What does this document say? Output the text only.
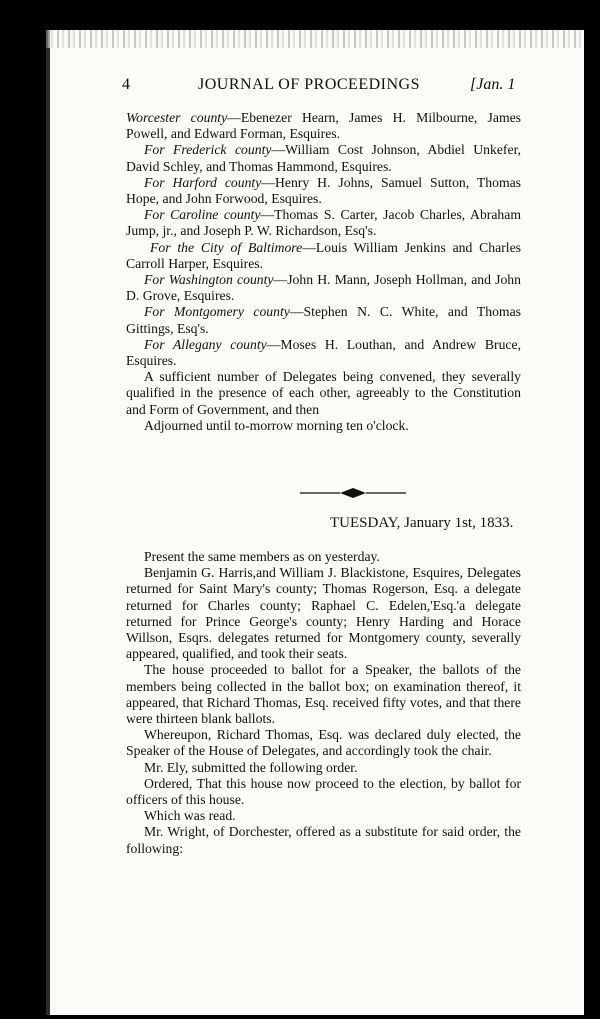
4	JOURNAL OF PROCEEDINGS	[Jan. 1

Worcester county—Ebenezer Hearn, James H. Milbourne, James Powell, and Edward Forman, Esquires.

For Frederick county—William Cost Johnson, Abdiel Unkefer, David Schley, and Thomas Hammond, Esquires.

For Harford county—Henry H. Johns, Samuel Sutton, Thomas Hope, and John Forwood, Esquires.

For Caroline county—Thomas S. Carter, Jacob Charles, Abraham Jump, jr., and Joseph P. W. Richardson, Esq's.

For the City of Baltimore—Louis William Jenkins and Charles Carroll Harper, Esquires.

For Washington county—John H. Mann, Joseph Hollman, and John D. Grove, Esquires.

For Montgomery county—Stephen N. C. White, and Thomas Gittings, Esq's.

For Allegany county—Moses H. Louthan, and Andrew Bruce, Esquires.

A sufficient number of Delegates being convened, they severally qualified in the presence of each other, agreeably to the Constitution and Form of Government, and then

Adjourned until to-morrow morning ten o'clock.

TUESDAY, January 1st, 1833.

Present the same members as on yesterday.

Benjamin G. Harris,and William J. Blackistone, Esquires, Delegates returned for Saint Mary's county; Thomas Rogerson, Esq. a delegate returned for Charles county; Raphael C. Edelen,'Esq.'a delegate returned for Prince George's county; Henry Harding and Horace Willson, Esqrs. delegates returned for Montgomery county, severally appeared, qualified, and took their seats.

The house proceeded to ballot for a Speaker, the ballots of the members being collected in the ballot box; on examination thereof, it appeared, that Richard Thomas, Esq. received fifty votes, and that there were thirteen blank ballots.

Whereupon, Richard Thomas, Esq. was declared duly elected, the Speaker of the House of Delegates, and accordingly took the chair.

Mr. Ely, submitted the following order.

Ordered, That this house now proceed to the election, by ballot for officers of this house.

Which was read.

Mr. Wright, of Dorchester, offered as a substitute for said order, the following:
